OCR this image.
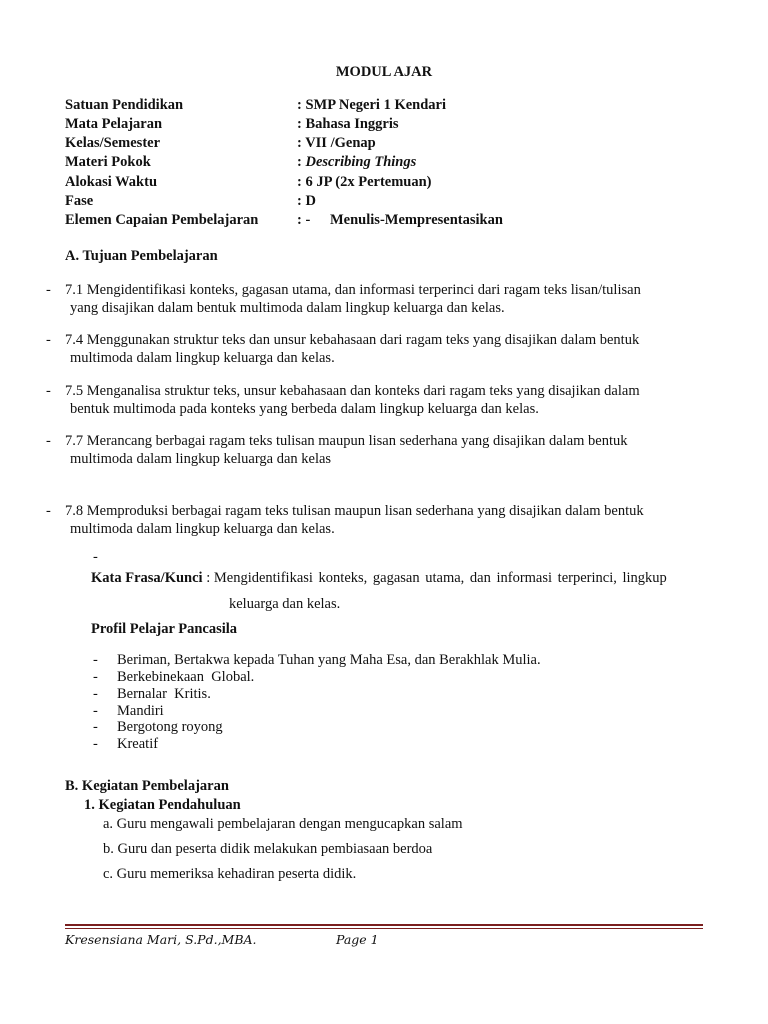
MODUL AJAR
Satuan Pendidikan	: SMP Negeri 1 Kendari
Mata Pelajaran	: Bahasa Inggris
Kelas/Semester	: VII /Genap
Materi Pokok	: Describing Things
Alokasi Waktu	: 6 JP (2x Pertemuan)
Fase	: D
Elemen Capaian Pembelajaran	: - Menulis-Mempresentasikan
A. Tujuan Pembelajaran
- 7.1 Mengidentifikasi konteks, gagasan utama, dan informasi terperinci dari ragam teks lisan/tulisan
yang disajikan dalam bentuk multimoda dalam lingkup keluarga dan kelas.
- 7.4 Menggunakan struktur teks dan unsur kebahasaan dari ragam teks yang disajikan dalam bentuk
multimoda dalam lingkup keluarga dan kelas.
- 7.5 Menganalisa struktur teks, unsur kebahasaan dan konteks dari ragam teks yang disajikan dalam
bentuk multimoda pada konteks yang berbeda dalam lingkup keluarga dan kelas.
- 7.7 Merancang berbagai ragam teks tulisan maupun lisan sederhana yang disajikan dalam bentuk
multimoda dalam lingkup keluarga dan kelas
- 7.8 Memproduksi berbagai ragam teks tulisan maupun lisan sederhana yang disajikan dalam bentuk
multimoda dalam lingkup keluarga dan kelas.
-
Kata Frasa/Kunci : Mengidentifikasi konteks, gagasan utama, dan informasi terperinci, lingkup
keluarga dan kelas.
Profil Pelajar Pancasila
- Beriman, Bertakwa kepada Tuhan yang Maha Esa, dan Berakhlak Mulia.
- Berkebinekaan  Global.
- Bernalar  Kritis.
- Mandiri
- Bergotong royong
- Kreatif
B. Kegiatan Pembelajaran
1. Kegiatan Pendahuluan
a. Guru mengawali pembelajaran dengan mengucapkan salam
b. Guru dan peserta didik melakukan pembiasaan berdoa
c. Guru memeriksa kehadiran peserta didik.
Kresensiana Mari, S.Pd.,MBA.	Page 1
